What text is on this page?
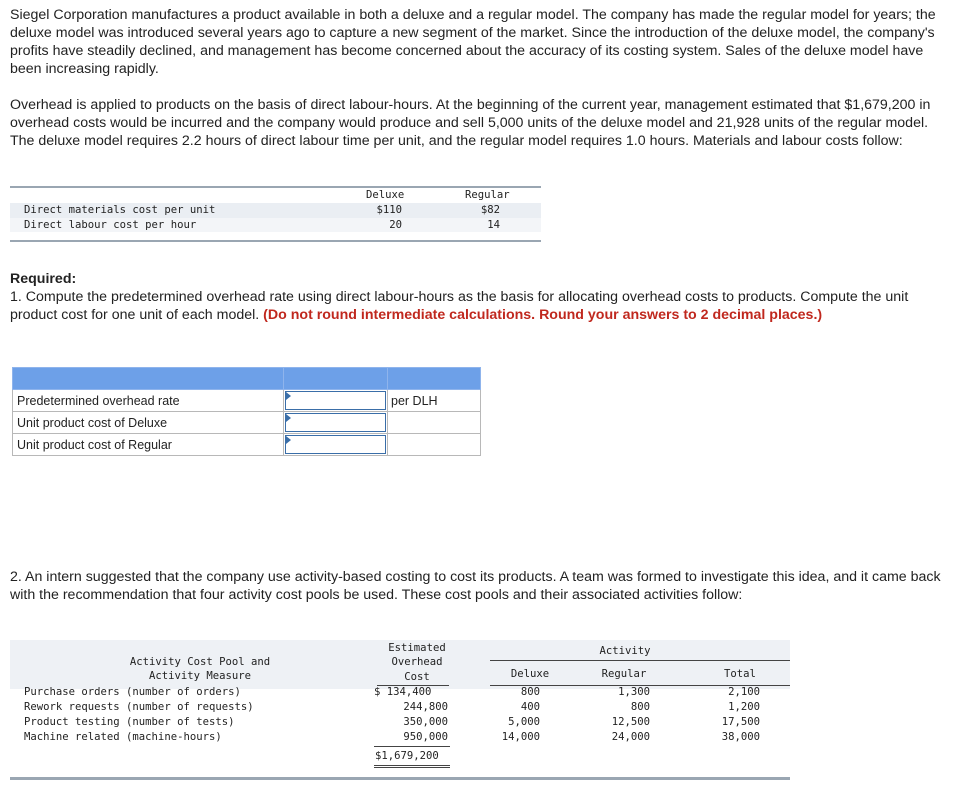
Siegel Corporation manufactures a product available in both a deluxe and a regular model. The company has made the regular model for years; the deluxe model was introduced several years ago to capture a new segment of the market. Since the introduction of the deluxe model, the company's profits have steadily declined, and management has become concerned about the accuracy of its costing system. Sales of the deluxe model have been increasing rapidly.

Overhead is applied to products on the basis of direct labour-hours. At the beginning of the current year, management estimated that $1,679,200 in overhead costs would be incurred and the company would produce and sell 5,000 units of the deluxe model and 21,928 units of the regular model. The deluxe model requires 2.2 hours of direct labour time per unit, and the regular model requires 1.0 hours. Materials and labour costs follow:

Deluxe	Regular
Direct materials cost per unit	$110	$82
Direct labour cost per hour	20	14

Required:

1. Compute the predetermined overhead rate using direct labour-hours as the basis for allocating overhead costs to products. Compute the unit product cost for one unit of each model. (Do not round intermediate calculations. Round your answers to 2 decimal places.)

Predetermined overhead rate		per DLH
Unit product cost of Deluxe	

Unit product cost of Regular	

2. An intern suggested that the company use activity-based costing to cost its products. A team was formed to investigate this idea, and it came back with the recommendation that four activity cost pools be used. These cost pools and their associated activities follow:

Activity Cost Pool and
Activity Measure
Estimated
Overhead
Cost
Activity
Deluxe	Regular	Total
Purchase orders (number of orders)	$ 134,400	800	1,300	2,100
Rework requests (number of requests)	244,800	400	800	1,200
Product testing (number of tests)	350,000	5,000	12,500	17,500
Machine related (machine-hours)	950,000	14,000	24,000	38,000
$1,679,200
